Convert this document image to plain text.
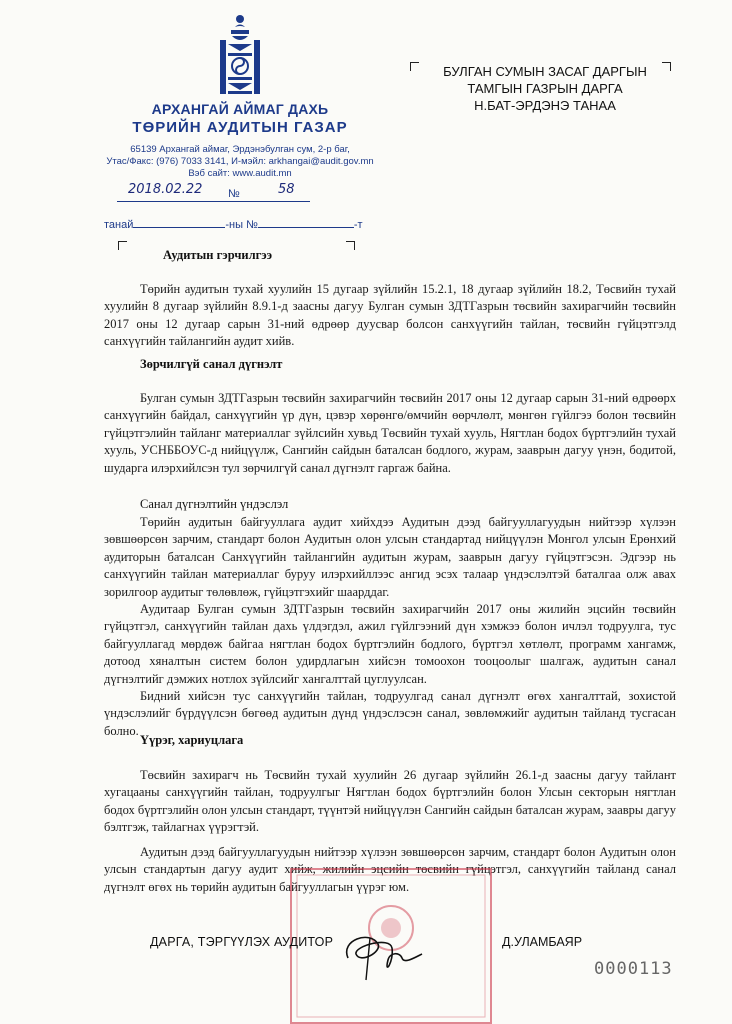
АРХАНГАЙ АЙМАГ ДАХЬ
ТӨРИЙН АУДИТЫН ГАЗАР
65139 Архангай аймаг, Эрдэнэбулган сум, 2-р баг,
Утас/Факс: (976) 7033 3141, И-мэйл: arkhangai@audit.gov.mn
Вэб сайт: www.audit.mn
2018.02.22 №	58
танай	-ны №	-т
БУЛГАН СУМЫН ЗАСАГ ДАРГЫН
ТАМГЫН ГАЗРЫН ДАРГА
Н.БАТ-ЭРДЭНЭ ТАНАА
Аудитын гэрчилгээ

Төрийн аудитын тухай хуулийн 15 дугаар зүйлийн 15.2.1, 18 дугаар зүйлийн 18.2, Төсвийн тухай хуулийн 8 дугаар зүйлийн 8.9.1-д заасны дагуу Булган сумын ЗДТГазрын төсвийн захирагчийн төсвийн 2017 оны 12 дугаар сарын 31-ний өдрөөр дуусвар болсон санхүүгийн тайлан, төсвийн гүйцэтгэлд санхүүгийн тайлангийн аудит хийв.

Зөрчилгүй санал дүгнэлт

Булган сумын ЗДТГазрын төсвийн захирагчийн төсвийн 2017 оны 12 дугаар сарын 31-ний өдрөөрх санхүүгийн байдал, санхүүгийн үр дүн, цэвэр хөрөнгө/өмчийн өөрчлөлт, мөнгөн гүйлгээ болон төсвийн гүйцэтгэлийн тайланг материаллаг зүйлсийн хувьд Төсвийн тухай хууль, Нягтлан бодох бүртгэлийн тухай хууль, УСНББОУС-д нийцүүлж, Сангийн сайдын баталсан бодлого, журам, зааврын дагуу үнэн, бодитой, шударга илэрхийлсэн тул зөрчилгүй санал дүгнэлт гаргаж байна.

Санал дүгнэлтийн үндэслэл

Төрийн аудитын байгууллага аудит хийхдээ Аудитын дээд байгууллагуудын нийтээр хүлээн зөвшөөрсөн зарчим, стандарт болон Аудитын олон улсын стандартад нийцүүлэн Монгол улсын Ерөнхий аудиторын баталсан Санхүүгийн тайлангийн аудитын журам, зааврын дагуу гүйцэтгэсэн. Эдгээр нь санхүүгийн тайлан материаллаг буруу илэрхийллээс ангид эсэх талаар үндэслэлтэй баталгаа олж авах зорилгоор аудитыг төлөвлөж, гүйцэтгэхийг шаарддаг.

Аудитаар Булган сумын ЗДТГазрын төсвийн захирагчийн 2017 оны жилийн эцсийн төсвийн гүйцэтгэл, санхүүгийн тайлан дахь үлдэгдэл, ажил гүйлгээний дүн хэмжээ болон ичлэл тодруулга, тус байгууллагад мөрдөж байгаа нягтлан бодох бүртгэлийн бодлого, бүртгэл хөтлөлт, программ хангамж, дотоод хяналтын систем болон удирдлагын хийсэн томоохон тооцоолыг шалгаж, аудитын санал дүгнэлтийг дэмжих нотлох зүйлсийг хангалттай цуглуулсан.

Бидний хийсэн тус санхүүгийн тайлан, тодруулгад санал дүгнэлт өгөх хангалттай, зохистой үндэслэлийг бүрдүүлсэн бөгөөд аудитын дүнд үндэслэсэн санал, зөвлөмжийг аудитын тайланд тусгасан болно.

Үүрэг, хариуцлага

Төсвийн захирагч нь Төсвийн тухай хуулийн 26 дугаар зүйлийн 26.1-д заасны дагуу тайлант хугацааны санхүүгийн тайлан, тодруулгыг Нягтлан бодох бүртгэлийн болон Улсын секторын нягтлан бодох бүртгэлийн олон улсын стандарт, түүнтэй нийцүүлэн Сангийн сайдын баталсан журам, заавры дагуу бэлтгэж, тайлагнах үүрэгтэй.

Аудитын дээд байгууллагуудын нийтээр хүлээн зөвшөөрсөн зарчим, стандарт болон Аудитын олон улсын стандартын дагуу аудит хийж, жилийн эцсийн төсвийн гүйцэтгэл, санхүүгийн тайланд санал дүгнэлт өгөх нь төрийн аудитын байгууллагын үүрэг юм.

ДАРГА, ТЭРГҮҮЛЭХ АУДИТОР	Д.УЛАМБАЯР
0000113
